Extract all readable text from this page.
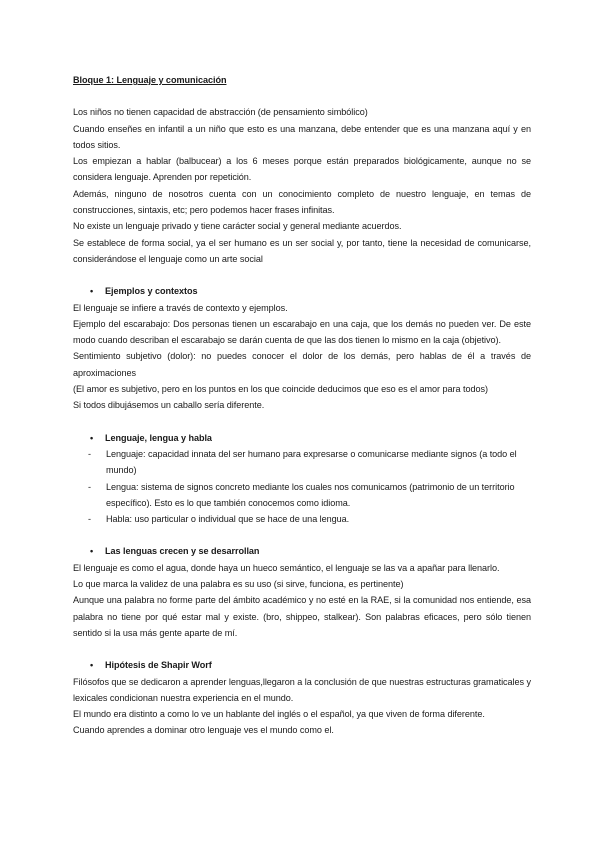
Bloque 1: Lenguaje y comunicación

Los niños no tienen capacidad de abstracción (de pensamiento simbólico)

Cuando enseñes en infantil a un niño que esto es una manzana, debe entender que es una manzana aquí y en todos sitios.

Los empiezan a hablar (balbucear) a los 6 meses porque están preparados biológicamente, aunque no se considera lenguaje. Aprenden por repetición.

Además, ninguno de nosotros cuenta con un conocimiento completo de nuestro lenguaje, en temas de construcciones, sintaxis, etc; pero podemos hacer frases infinitas.

No existe un lenguaje privado y tiene carácter social y general mediante acuerdos.

Se establece de forma social, ya el ser humano es un ser social y, por tanto, tiene la necesidad de comunicarse, considerándose el lenguaje como un arte social

• Ejemplos y contextos

El lenguaje se infiere a través de contexto y ejemplos.

Ejemplo del escarabajo: Dos personas tienen un escarabajo en una caja, que los demás no pueden ver. De este modo cuando describan el escarabajo se darán cuenta de que las dos tienen lo mismo en la caja (objetivo).

Sentimiento subjetivo (dolor): no puedes conocer el dolor de los demás, pero hablas de él a través de aproximaciones

(El amor es subjetivo, pero en los puntos en los que coincide deducimos que eso es el amor para todos)

Si todos dibujásemos un caballo sería diferente.

• Lenguaje, lengua y habla

- Lenguaje: capacidad innata del ser humano para expresarse o comunicarse mediante signos (a todo el mundo)

- Lengua: sistema de signos concreto mediante los cuales nos comunicamos (patrimonio de un territorio específico). Esto es lo que también conocemos como idioma.

- Habla: uso particular o individual que se hace de una lengua.

• Las lenguas crecen y se desarrollan

El lenguaje es como el agua, donde haya un hueco semántico, el lenguaje se las va a apañar para llenarlo.

Lo que marca la validez de una palabra es su uso (si sirve, funciona, es pertinente)

Aunque una palabra no forme parte del ámbito académico y no esté en la RAE, si la comunidad nos entiende, esa palabra no tiene por qué estar mal y existe. (bro, shippeo, stalkear). Son palabras eficaces, pero sólo tienen sentido si la usa más gente aparte de mí.

• Hipótesis de Shapir Worf

Filósofos que se dedicaron a aprender lenguas,llegaron a la conclusión de que nuestras estructuras gramaticales y lexicales condicionan nuestra experiencia en el mundo.

El mundo era distinto a como lo ve un hablante del inglés o el español, ya que viven de forma diferente.

Cuando aprendes a dominar otro lenguaje ves el mundo como el.
